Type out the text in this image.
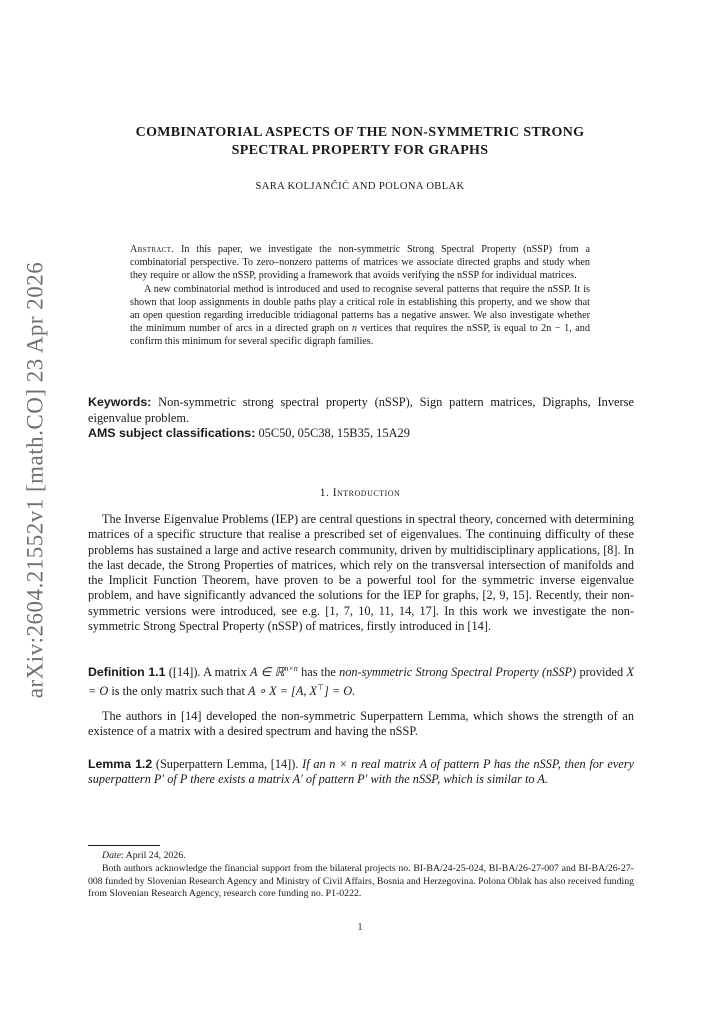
arXiv:2604.21552v1 [math.CO] 23 Apr 2026
COMBINATORIAL ASPECTS OF THE NON-SYMMETRIC STRONG
SPECTRAL PROPERTY FOR GRAPHS
SARA KOLJANČIĆ AND POLONA OBLAK

Abstract. In this paper, we investigate the non-symmetric Strong Spectral Property (nSSP) from a combinatorial perspective. To zero–nonzero patterns of matrices we associate directed graphs and study when they require or allow the nSSP, providing a framework that avoids verifying the nSSP for individual matrices.

A new combinatorial method is introduced and used to recognise several patterns that require the nSSP. It is shown that loop assignments in double paths play a critical role in establishing this property, and we show that an open question regarding irreducible tridiagonal patterns has a negative answer. We also investigate whether the minimum number of arcs in a directed graph on n vertices that requires the nSSP, is equal to 2n − 1, and confirm this minimum for several specific digraph families.

Keywords: Non-symmetric strong spectral property (nSSP), Sign pattern matrices, Digraphs, Inverse eigenvalue problem.

AMS subject classifications: 05C50, 05C38, 15B35, 15A29

1. Introduction

The Inverse Eigenvalue Problems (IEP) are central questions in spectral theory, concerned with determining matrices of a specific structure that realise a prescribed set of eigenvalues. The continuing difficulty of these problems has sustained a large and active research community, driven by multidisciplinary applications, [8]. In the last decade, the Strong Properties of matrices, which rely on the transversal intersection of manifolds and the Implicit Function Theorem, have proven to be a powerful tool for the symmetric inverse eigenvalue problem, and have significantly advanced the solutions for the IEP for graphs, [2, 9, 15]. Recently, their non-symmetric versions were introduced, see e.g. [1, 7, 10, 11, 14, 17]. In this work we investigate the non-symmetric Strong Spectral Property (nSSP) of matrices, firstly introduced in [14].

Definition 1.1 ([14]). A matrix A ∈ ℝ$^{n\times n}$ has the non-symmetric Strong Spectral Property (nSSP) provided X = O is the only matrix such that A ∘ X = [A, X⊤] = O.

The authors in [14] developed the non-symmetric Superpattern Lemma, which shows the strength of an existence of a matrix with a desired spectrum and having the nSSP.

Lemma 1.2 (Superpattern Lemma, [14]). If an n × n real matrix A of pattern P has the nSSP, then for every superpattern P′ of P there exists a matrix A′ of pattern P′ with the nSSP, which is similar to A.

Date: April 24, 2026.

Both authors acknowledge the financial support from the bilateral projects no. BI-BA/24-25-024, BI-BA/26-27-007 and BI-BA/26-27-008 funded by Slovenian Research Agency and Ministry of Civil Affairs, Bosnia and Herzegovina. Polona Oblak has also received funding from Slovenian Research Agency, research core funding no. P1-0222.

1
